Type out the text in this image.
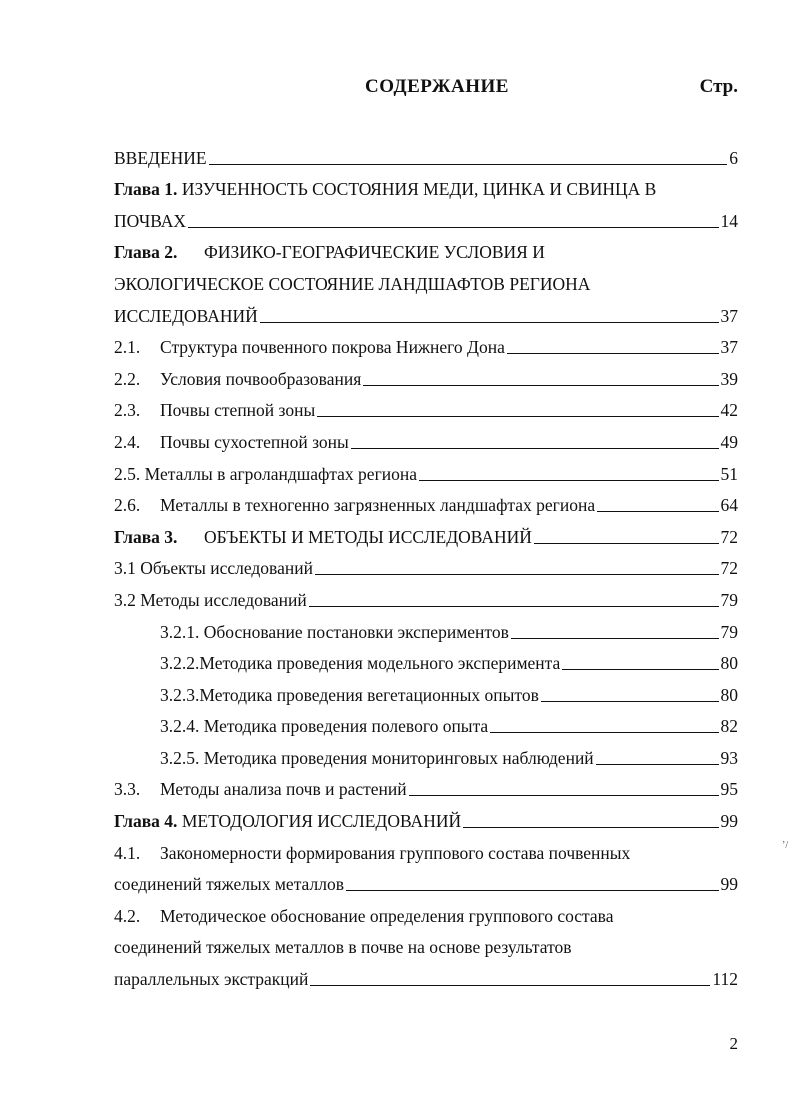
СОДЕРЖАНИЕ	Стр.
ВВЕДЕНИЕ	6
Глава 1. ИЗУЧЕННОСТЬ СОСТОЯНИЯ МЕДИ, ЦИНКА И СВИНЦА В
ПОЧВАХ	14
Глава 2. ФИЗИКО-ГЕОГРАФИЧЕСКИЕ УСЛОВИЯ И
ЭКОЛОГИЧЕСКОЕ СОСТОЯНИЕ ЛАНДШАФТОВ РЕГИОНА
ИССЛЕДОВАНИЙ	37
2.1. Структура почвенного покрова Нижнего Дона	37
2.2. Условия почвообразования	39
2.3. Почвы степной зоны	42
2.4. Почвы сухостепной зоны	49
2.5. Металлы в агроландшафтах региона	51
2.6. Металлы в техногенно загрязненных ландшафтах региона	64
Глава 3. ОБЪЕКТЫ И МЕТОДЫ ИССЛЕДОВАНИЙ	72
3.1 Объекты исследований	72
3.2 Методы исследований	79
3.2.1. Обоснование постановки экспериментов	79
3.2.2.Методика проведения модельного эксперимента	80
3.2.3.Методика проведения вегетационных опытов	80
3.2.4. Методика проведения полевого опыта	82
3.2.5. Методика проведения мониторинговых наблюдений	93
3.3. Методы анализа почв и растений	95
Глава 4. МЕТОДОЛОГИЯ ИССЛЕДОВАНИЙ	99
4.1. Закономерности формирования группового состава почвенных
соединений тяжелых металлов	99
4.2. Методическое обоснование определения группового состава
соединений тяжелых металлов в почве на основе результатов
параллельных экстракций	112
ʼ/
2
